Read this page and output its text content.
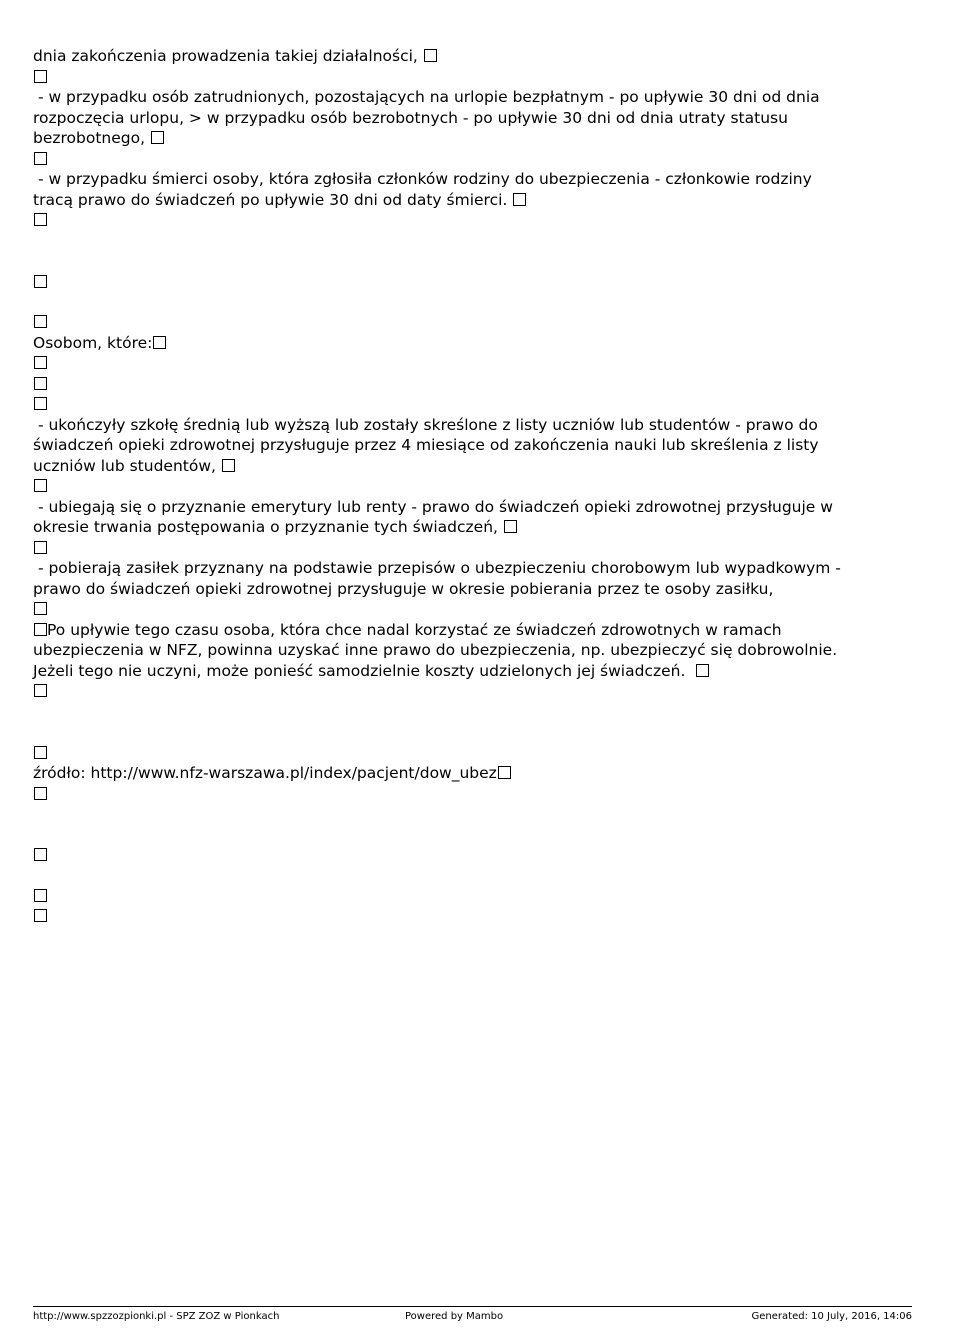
dnia zakończenia prowadzenia takiej działalności,

- w przypadku osób zatrudnionych, pozostających na urlopie bezpłatnym - po upływie 30 dni od dnia

rozpoczęcia urlopu, > w przypadku osób bezrobotnych - po upływie 30 dni od dnia utraty statusu

bezrobotnego,

- w przypadku śmierci osoby, która zgłosiła członków rodziny do ubezpieczenia - członkowie rodziny

tracą prawo do świadczeń po upływie 30 dni od daty śmierci.

Osobom, które:

- ukończyły szkołę średnią lub wyższą lub zostały skreślone z listy uczniów lub studentów - prawo do

świadczeń opieki zdrowotnej przysługuje przez 4 miesiące od zakończenia nauki lub skreślenia z listy

uczniów lub studentów,

- ubiegają się o przyznanie emerytury lub renty - prawo do świadczeń opieki zdrowotnej przysługuje w

okresie trwania postępowania o przyznanie tych świadczeń,

- pobierają zasiłek przyznany na podstawie przepisów o ubezpieczeniu chorobowym lub wypadkowym -

prawo do świadczeń opieki zdrowotnej przysługuje w okresie pobierania przez te osoby zasiłku,

Po upływie tego czasu osoba, która chce nadal korzystać ze świadczeń zdrowotnych w ramach

ubezpieczenia w NFZ, powinna uzyskać inne prawo do ubezpieczenia, np. ubezpieczyć się dobrowolnie.

Jeżeli tego nie uczyni, może ponieść samodzielnie koszty udzielonych jej świadczeń.

źródło: http://www.nfz-warszawa.pl/index/pacjent/dow_ubez

http://www.spzzozpionki.pl - SPZ ZOZ w Pionkach	Powered by Mambo	Generated: 10 July, 2016, 14:06
